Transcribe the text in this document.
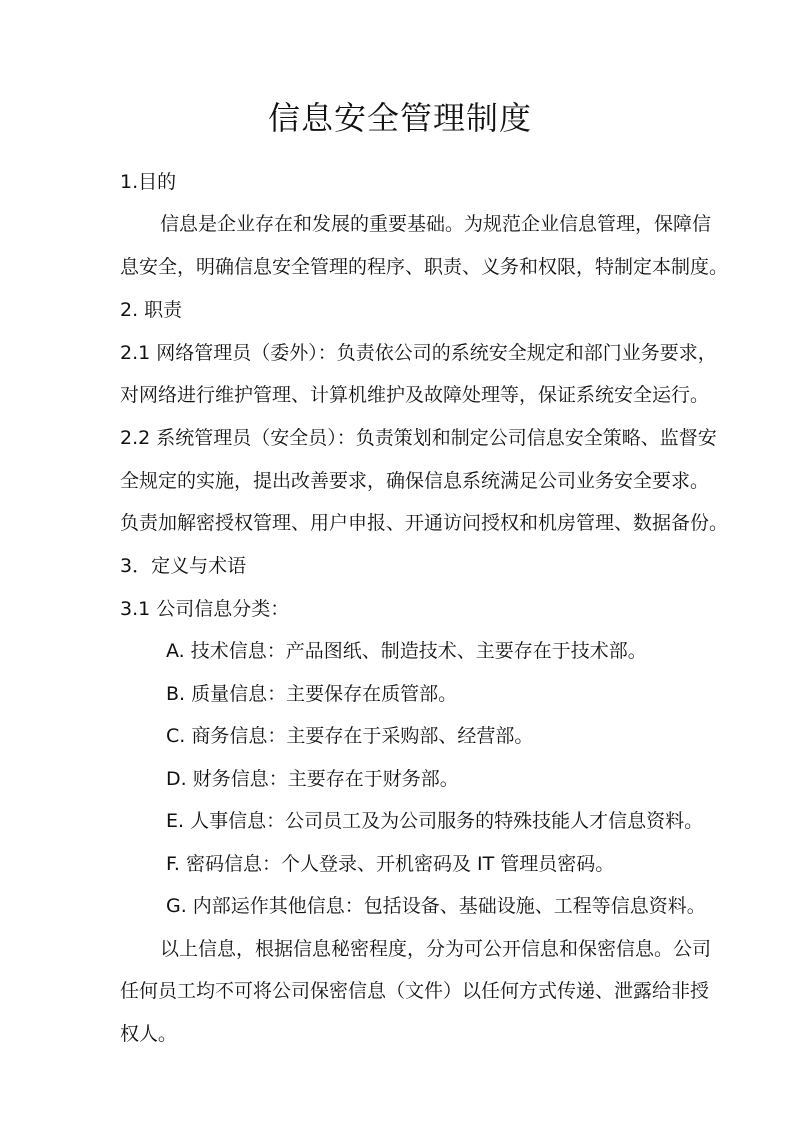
信息安全管理制度
1.目的
信息是企业存在和发展的重要基础。为规范企业信息管理，保障信
息安全，明确信息安全管理的程序、职责、义务和权限，特制定本制度。
2. 职责
2.1 网络管理员（委外）：负责依公司的系统安全规定和部门业务要求，
对网络进行维护管理、计算机维护及故障处理等，保证系统安全运行。
2.2 系统管理员（安全员）：负责策划和制定公司信息安全策略、监督安
全规定的实施，提出改善要求，确保信息系统满足公司业务安全要求。
负责加解密授权管理、用户申报、开通访问授权和机房管理、数据备份。
3．定义与术语
3.1 公司信息分类：
A. 技术信息：产品图纸、制造技术、主要存在于技术部。
B. 质量信息：主要保存在质管部。
C. 商务信息：主要存在于采购部、经营部。
D. 财务信息：主要存在于财务部。
E. 人事信息：公司员工及为公司服务的特殊技能人才信息资料。
F. 密码信息：个人登录、开机密码及 IT 管理员密码。
G. 内部运作其他信息：包括设备、基础设施、工程等信息资料。
以上信息，根据信息秘密程度，分为可公开信息和保密信息。公司
任何员工均不可将公司保密信息（文件）以任何方式传递、泄露给非授
权人。
